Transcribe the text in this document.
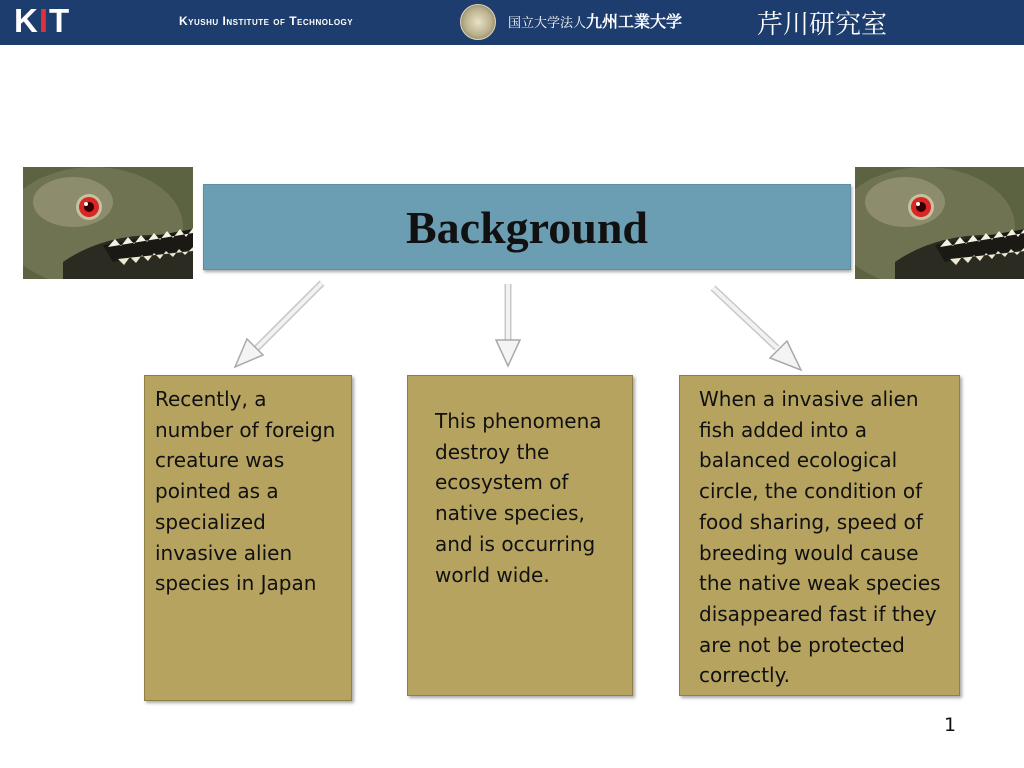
KIT	Kyushu Institute of Technology	国立大学法人九州工業大学	芹川研究室
Background
Recently, a number of foreign creature was pointed as a specialized invasive alien species in Japan
This phenomena destroy the ecosystem of native species, and is occurring world wide.
When a invasive alien fish added into a balanced ecological circle, the condition of food sharing, speed of breeding would cause the native weak species disappeared fast if they are not be protected correctly.
1
